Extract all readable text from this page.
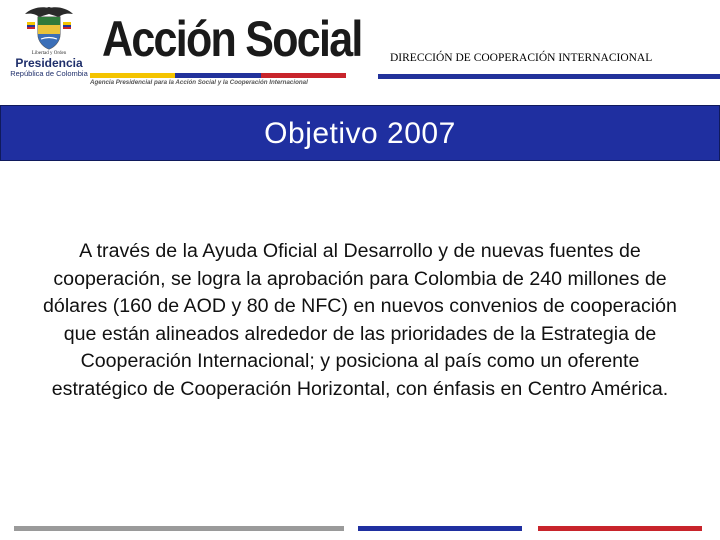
Libertad y Orden
Presidencia
República de Colombia
Acción Social
Agencia Presidencial para la Acción Social y la Cooperación Internacional
DIRECCIÓN DE COOPERACIÓN INTERNACIONAL
Objetivo 2007
A través de la Ayuda Oficial al Desarrollo y de nuevas fuentes de cooperación, se logra la aprobación para Colombia de 240 millones de dólares (160 de AOD y 80 de NFC) en nuevos convenios de cooperación que están alineados alrededor de las prioridades de la Estrategia de Cooperación Internacional; y posiciona al país como un oferente estratégico de Cooperación Horizontal, con énfasis en Centro América.
